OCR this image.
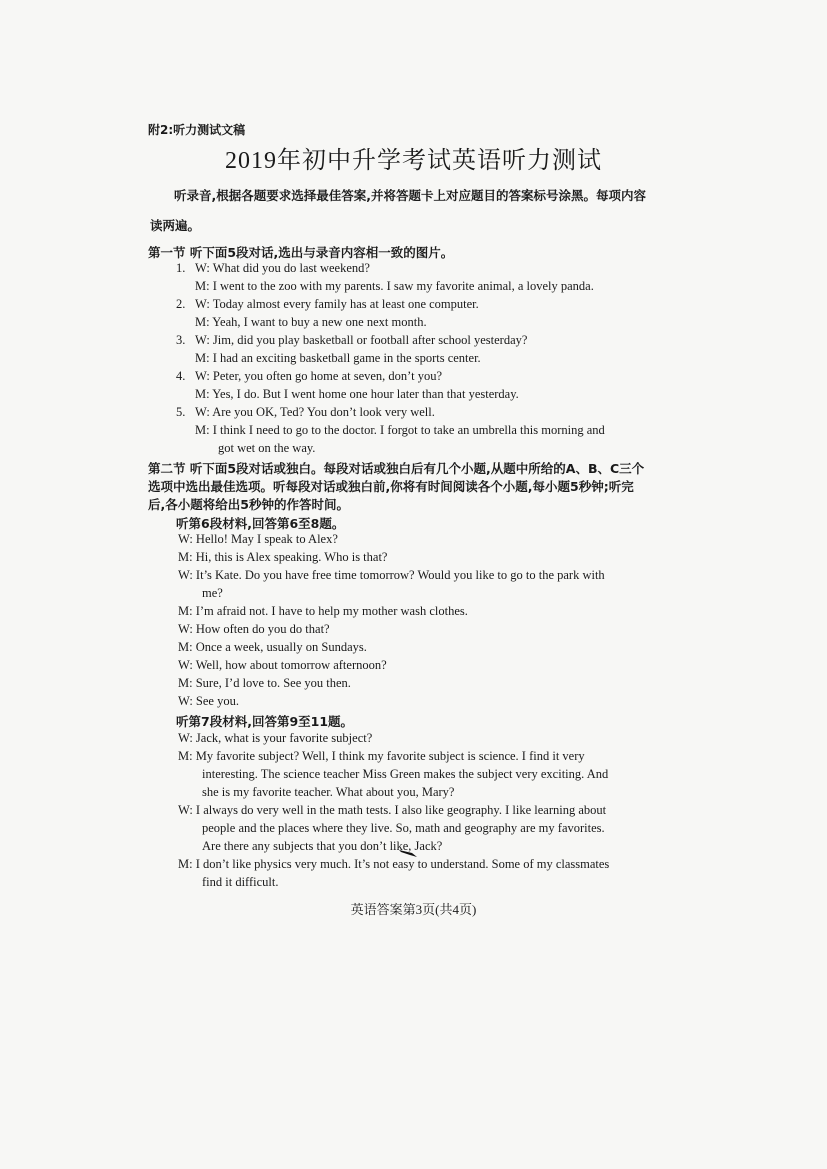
附2:听力测试文稿
2019年初中升学考试英语听力测试
听录音,根据各题要求选择最佳答案,并将答题卡上对应题目的答案标号涂黑。每项内容
读两遍。
第一节 听下面5段对话,选出与录音内容相一致的图片。
1. W: What did you do last weekend?
M: I went to the zoo with my parents. I saw my favorite animal, a lovely panda.
2. W: Today almost every family has at least one computer.
M: Yeah, I want to buy a new one next month.
3. W: Jim, did you play basketball or football after school yesterday?
M: I had an exciting basketball game in the sports center.
4. W: Peter, you often go home at seven, don’t you?
M: Yes, I do. But I went home one hour later than that yesterday.
5. W: Are you OK, Ted? You don’t look very well.
M: I think I need to go to the doctor. I forgot to take an umbrella this morning and
got wet on the way.
第二节 听下面5段对话或独白。每段对话或独白后有几个小题,从题中所给的A、B、C三个
选项中选出最佳选项。听每段对话或独白前,你将有时间阅读各个小题,每小题5秒钟;听完
后,各小题将给出5秒钟的作答时间。
听第6段材料,回答第6至8题。
W: Hello! May I speak to Alex?
M: Hi, this is Alex speaking. Who is that?
W: It’s Kate. Do you have free time tomorrow? Would you like to go to the park with
me?
M: I’m afraid not. I have to help my mother wash clothes.
W: How often do you do that?
M: Once a week, usually on Sundays.
W: Well, how about tomorrow afternoon?
M: Sure, I’d love to. See you then.
W: See you.
听第7段材料,回答第9至11题。
W: Jack, what is your favorite subject?
M: My favorite subject? Well, I think my favorite subject is science. I find it very
interesting. The science teacher Miss Green makes the subject very exciting. And
she is my favorite teacher. What about you, Mary?
W: I always do very well in the math tests. I also like geography. I like learning about
people and the places where they live. So, math and geography are my favorites.
Are there any subjects that you don’t like, Jack?
M: I don’t like physics very much. It’s not easy to understand. Some of my classmates
find it difficult.
英语答案第3页(共4页)
